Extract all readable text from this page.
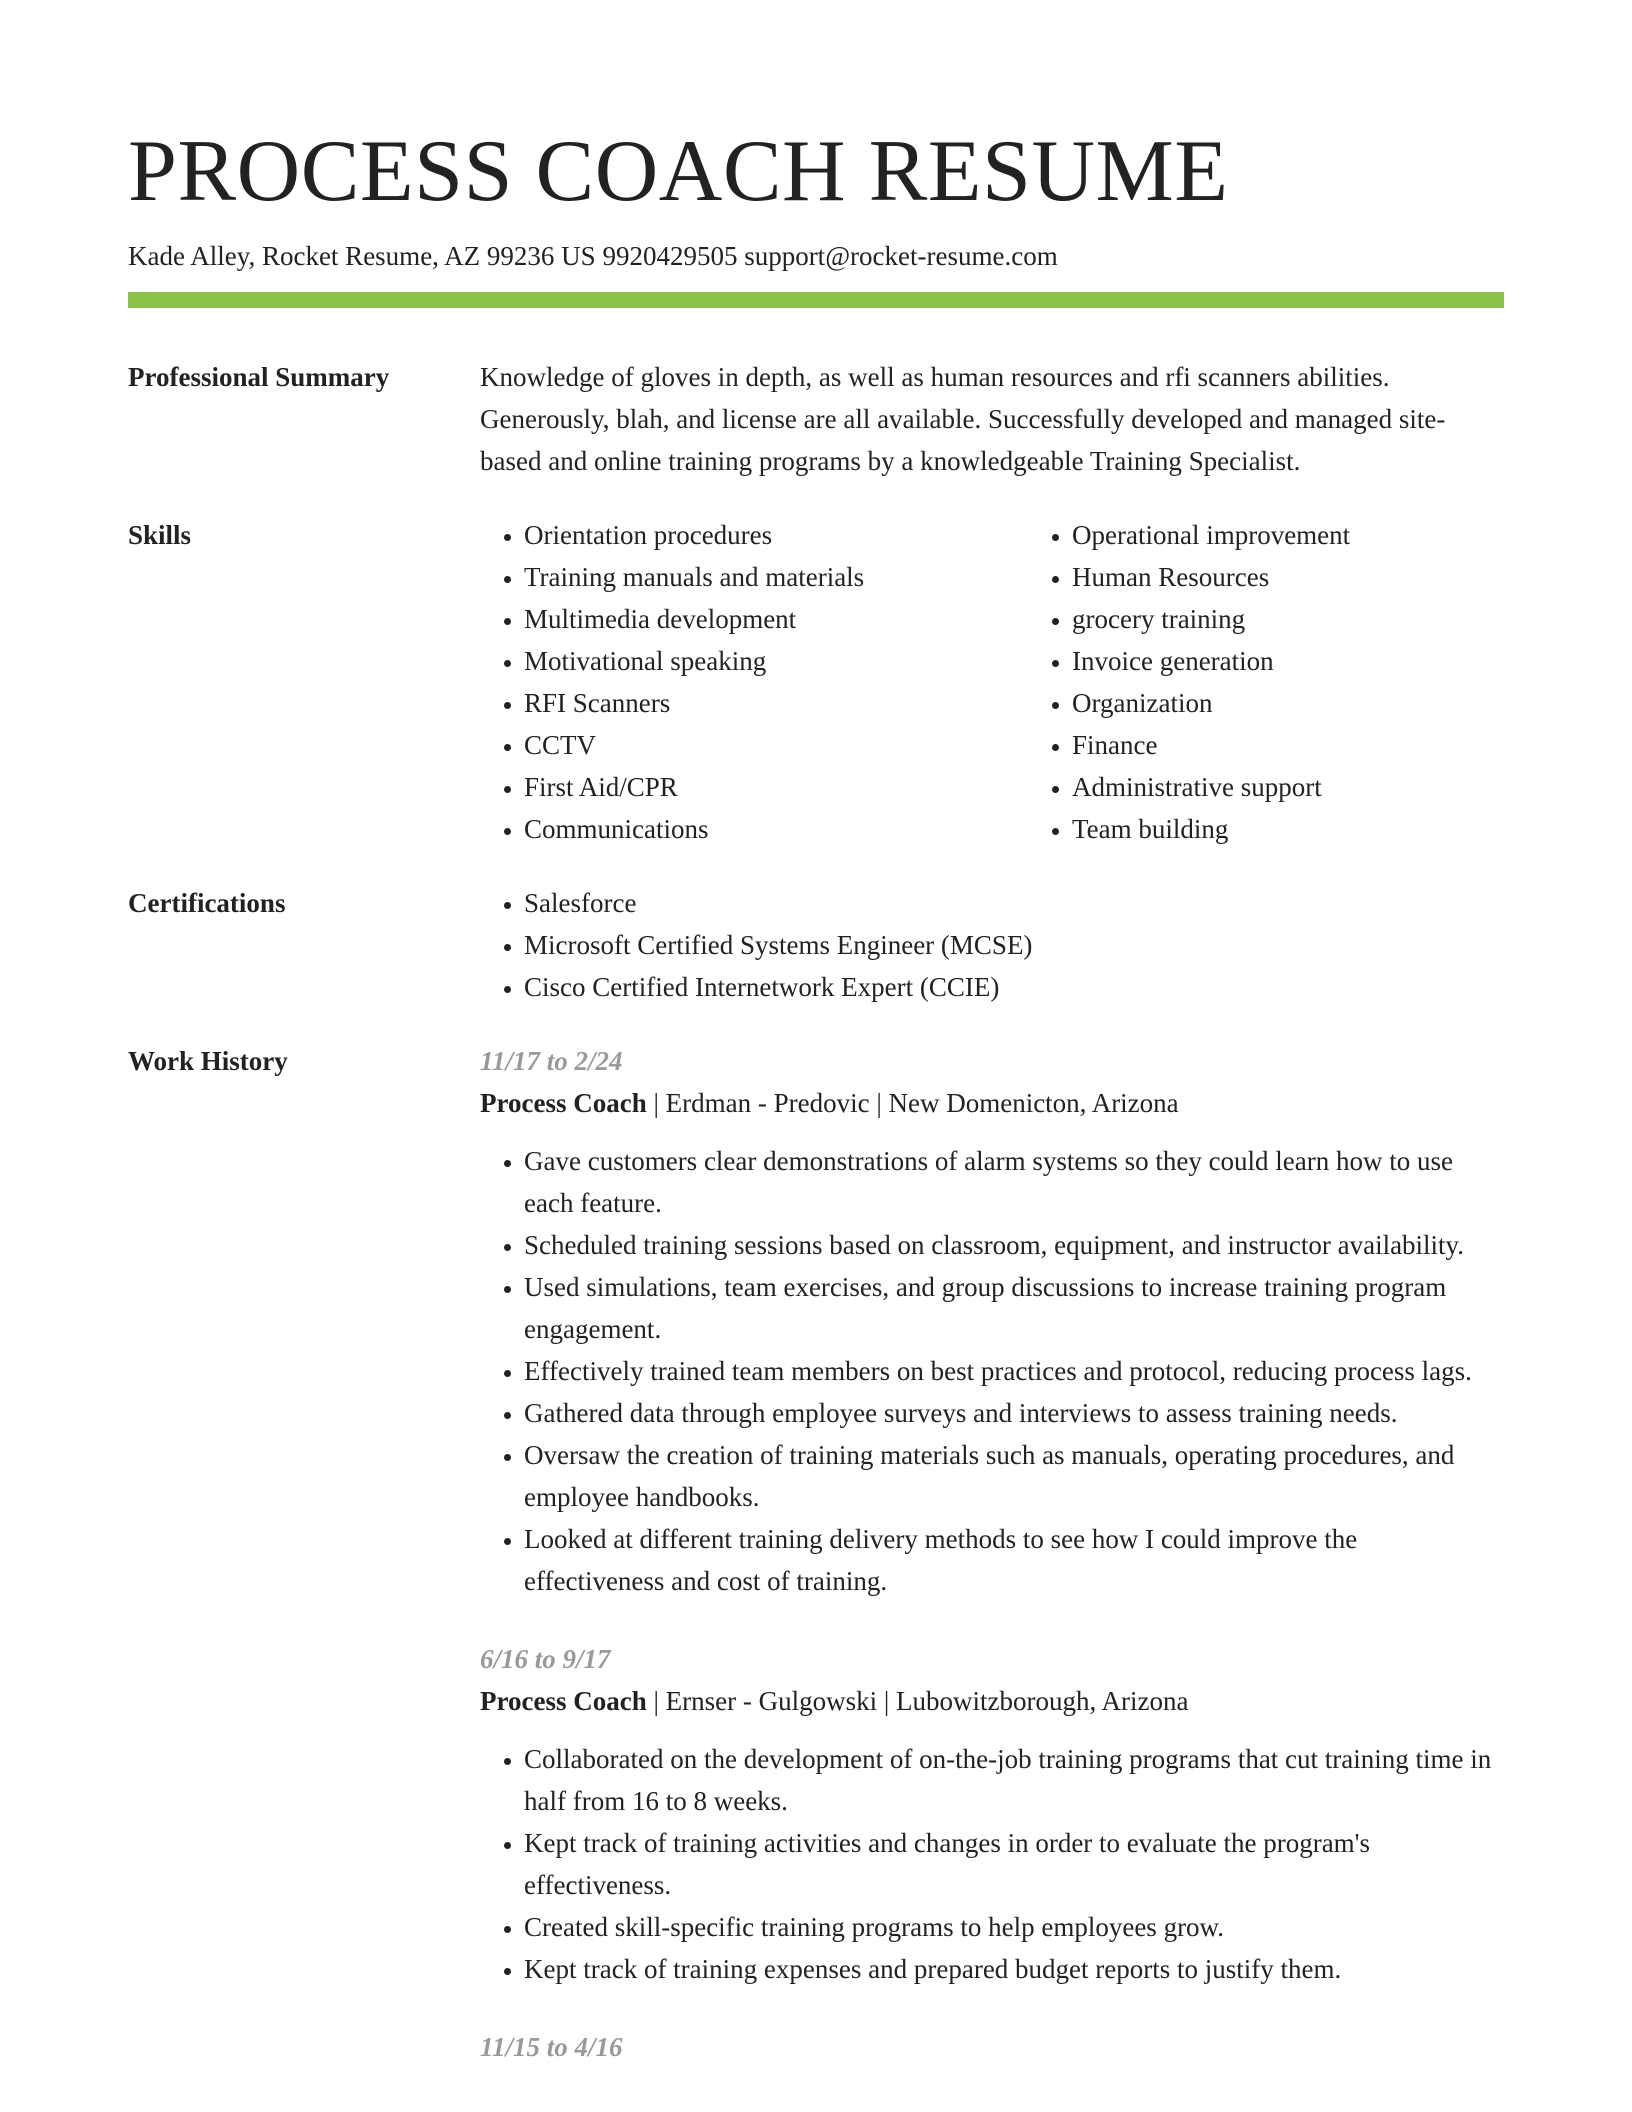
PROCESS COACH RESUME
Kade Alley, Rocket Resume, AZ 99236 US 9920429505 support@rocket-resume.com
Professional Summary	Knowledge of gloves in depth, as well as human resources and rfi scanners abilities. Generously, blah, and license are all available. Successfully developed and managed site-based and online training programs by a knowledgeable Training Specialist.

Skills	• Orientation procedures
• Training manuals and materials
• Multimedia development
• Motivational speaking
• RFI Scanners
• CCTV
• First Aid/CPR
• Communications
• Operational improvement
• Human Resources
• grocery training
• Invoice generation
• Organization
• Finance
• Administrative support
• Team building
Certifications	• Salesforce
• Microsoft Certified Systems Engineer (MCSE)
• Cisco Certified Internetwork Expert (CCIE)
Work History	11/17 to 2/24
Process Coach | Erdman - Predovic | New Domenicton, Arizona
• Gave customers clear demonstrations of alarm systems so they could learn how to use each feature.
• Scheduled training sessions based on classroom, equipment, and instructor availability.
• Used simulations, team exercises, and group discussions to increase training program engagement.
• Effectively trained team members on best practices and protocol, reducing process lags.
• Gathered data through employee surveys and interviews to assess training needs.
• Oversaw the creation of training materials such as manuals, operating procedures, and employee handbooks.
• Looked at different training delivery methods to see how I could improve the effectiveness and cost of training.
6/16 to 9/17
Process Coach | Ernser - Gulgowski | Lubowitzborough, Arizona
• Collaborated on the development of on-the-job training programs that cut training time in half from 16 to 8 weeks.
• Kept track of training activities and changes in order to evaluate the program's effectiveness.
• Created skill-specific training programs to help employees grow.
• Kept track of training expenses and prepared budget reports to justify them.
11/15 to 4/16
